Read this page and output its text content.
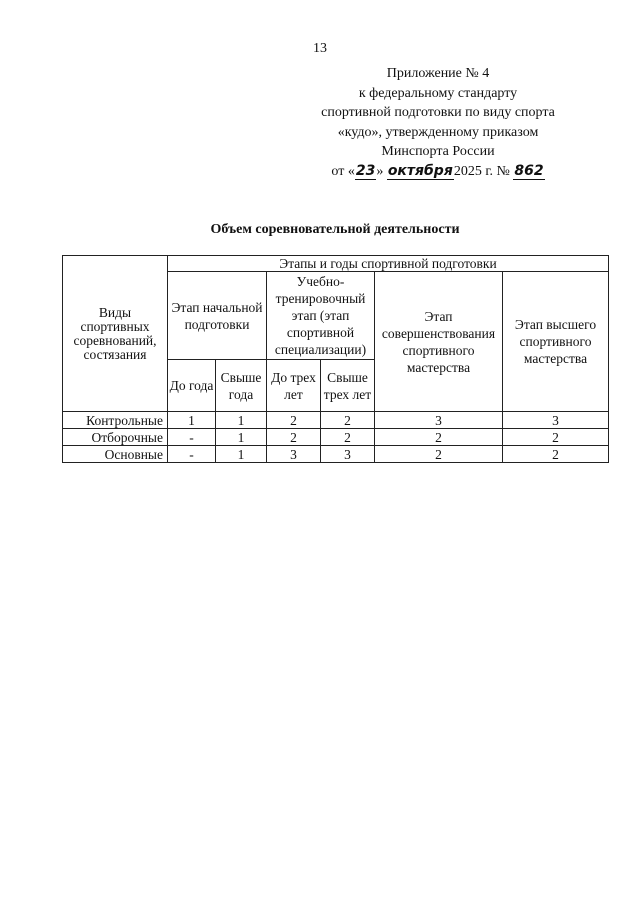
13
Приложение № 4
к федеральному стандарту
спортивной подготовки по виду спорта
«кудо», утвержденному приказом
Минспорта России
от «23» октября2025 г. № 862
Объем соревновательной деятельности
Виды спортивных соревнований, состязания	Этапы и годы спортивной подготовки					
	Этап начальной подготовки		Учебно-тренировочный этап (этап спортивной специализации)		Этап совершенствования спортивного мастерства	Этап высшего спортивного мастерства
	До года	Свыше года	До трех лет	Свыше трех лет		
Контрольные	1	1	2	2	3	3
Отборочные	-	1	2	2	2	2
Основные	-	1	3	3	2	2
